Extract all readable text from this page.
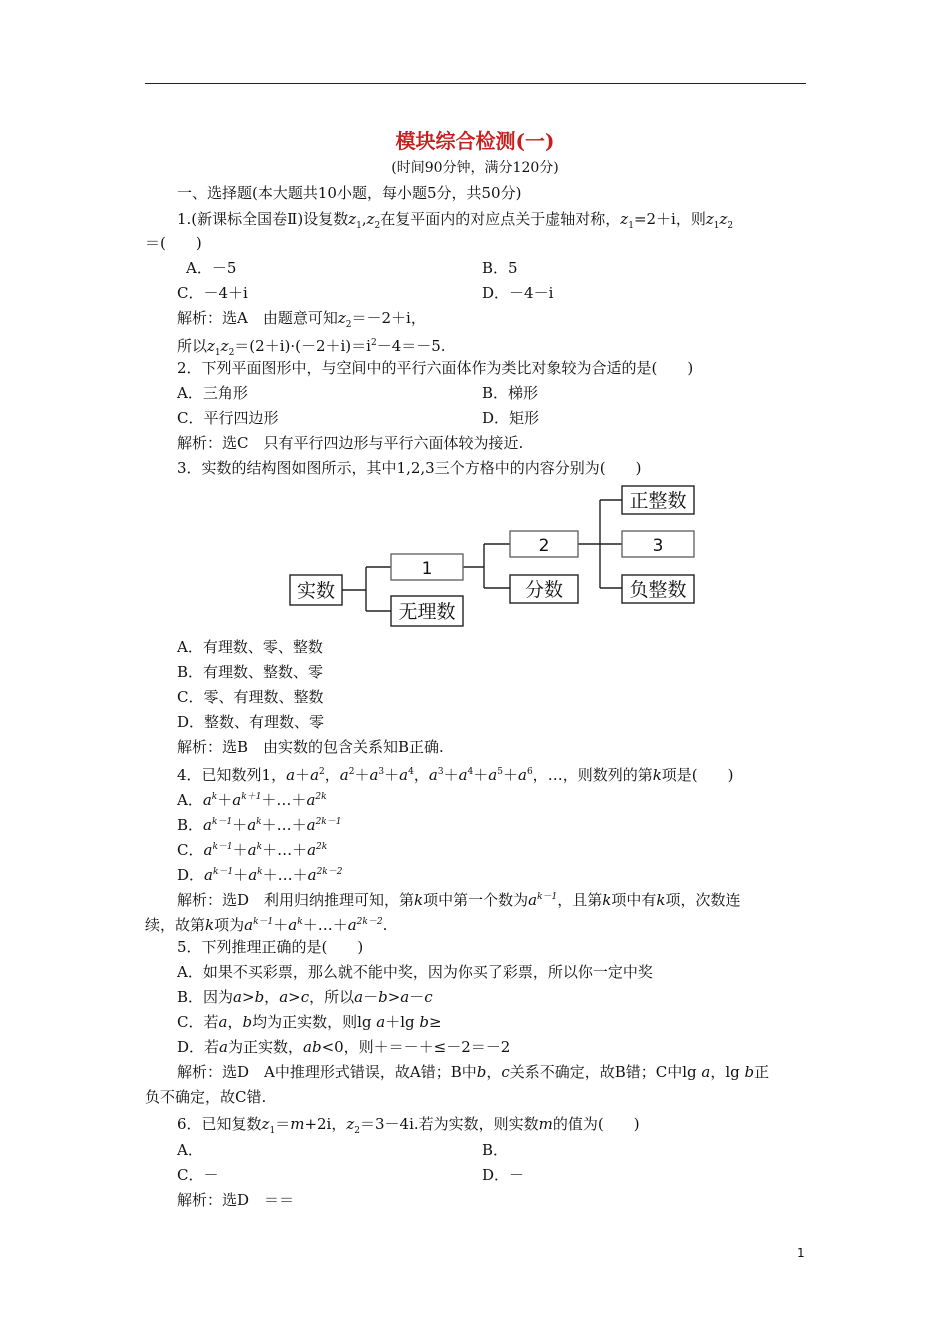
模块综合检测(一)
(时间90分钟，满分120分)
一、选择题(本大题共10小题，每小题5分，共50分)
1.(新课标全国卷Ⅱ)设复数$z_1,z_2$在复平面内的对应点关于虚轴对称，$z_1=2+i$，则$z_1z_2$
＝(　　)
A．－5	B．5
C．－4＋i	D．－4－i
解析：选A　由题意可知$z_2=-2+i$，
所以$z_1z_2=(2+i)\cdot(-2+i)=i^2-4=-5$.
2．下列平面图形中，与空间中的平行六面体作为类比对象较为合适的是(　　)
A．三角形	B．梯形
C．平行四边形	D．矩形
解析：选C　只有平行四边形与平行六面体较为接近.
3．实数的结构图如图所示，其中1,2,3三个方格中的内容分别为(　　)
实数
1
无理数
2
分数
正整数
3
负整数
A．有理数、零、整数
B．有理数、整数、零
C．零、有理数、整数
D．整数、有理数、零
解析：选B　由实数的包含关系知B正确.
4．已知数列1，$a+a^2$，$a^2+a^3+a^4$，$a^3+a^4+a^5+a^6$，…，则数列的第k项是(　　)
A．$a^k+a^{k+1}+\dots+a^{2k}$
B．$a^{k-1}+a^k+\dots+a^{2k-1}$
C．$a^{k-1}+a^k+\dots+a^{2k}$
D．$a^{k-1}+a^k+\dots+a^{2k-2}$
解析：选D　利用归纳推理可知，第k项中第一个数为$a^{k-1}$，且第k项中有k项，次数连
续，故第k项为$a^{k-1}+a^k+\dots+a^{2k-2}$.
5．下列推理正确的是(　　)
A．如果不买彩票，那么就不能中奖，因为你买了彩票，所以你一定中奖
B．因为a>b，a>c，所以a－b>a－c
C．若a，b均为正实数，则lg a＋lg b≥
D．若a为正实数，ab<0，则＋＝－＋≤－2＝－2
解析：选D　A中推理形式错误，故A错；B中b，c关系不确定，故B错；C中lg a，lg b正
负不确定，故C错.
6．已知复数$z_1=m+2i$，$z_2=3-4i$.若为实数，则实数m的值为(　　)
A．	B．
C．－	D．－
解析：选D　＝＝
1
